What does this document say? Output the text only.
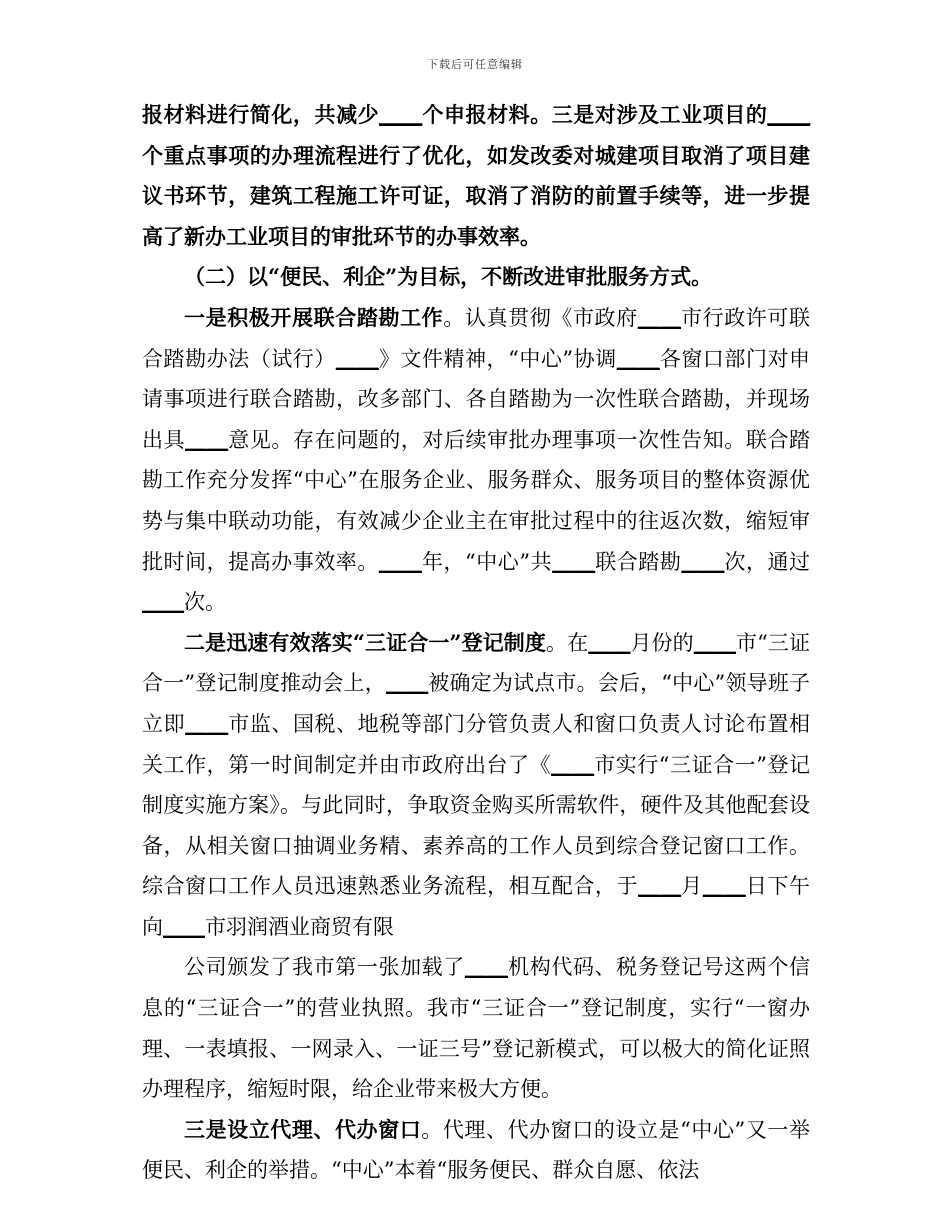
下载后可任意编辑

报材料进行简化，共减少＿＿个申报材料。三是对涉及工业项目的＿＿个重点事项的办理流程进行了优化，如发改委对城建项目取消了项目建议书环节，建筑工程施工许可证，取消了消防的前置手续等，进一步提高了新办工业项目的审批环节的办事效率。

（二）以“便民、利企”为目标，不断改进审批服务方式。

一是积极开展联合踏勘工作。认真贯彻《市政府＿＿市行政许可联合踏勘办法（试行）＿＿》文件精神，“中心”协调＿＿各窗口部门对申请事项进行联合踏勘，改多部门、各自踏勘为一次性联合踏勘，并现场出具＿＿意见。存在问题的，对后续审批办理事项一次性告知。联合踏勘工作充分发挥“中心”在服务企业、服务群众、服务项目的整体资源优势与集中联动功能，有效减少企业主在审批过程中的往返次数，缩短审批时间，提高办事效率。＿＿年，“中心”共＿＿联合踏勘＿＿次，通过＿＿次。

二是迅速有效落实“三证合一”登记制度。在＿＿月份的＿＿市“三证合一”登记制度推动会上，＿＿被确定为试点市。会后，“中心”领导班子立即＿＿市监、国税、地税等部门分管负责人和窗口负责人讨论布置相关工作，第一时间制定并由市政府出台了《＿＿市实行“三证合一”登记制度实施方案》。与此同时，争取资金购买所需软件，硬件及其他配套设备，从相关窗口抽调业务精、素养高的工作人员到综合登记窗口工作。综合窗口工作人员迅速熟悉业务流程，相互配合，于＿＿月＿＿日下午向＿＿市羽润酒业商贸有限

公司颁发了我市第一张加载了＿＿机构代码、税务登记号这两个信息的“三证合一”的营业执照。我市“三证合一”登记制度，实行“一窗办理、一表填报、一网录入、一证三号”登记新模式，可以极大的简化证照办理程序，缩短时限，给企业带来极大方便。

三是设立代理、代办窗口。代理、代办窗口的设立是“中心”又一举便民、利企的举措。“中心”本着“服务便民、群众自愿、依法
